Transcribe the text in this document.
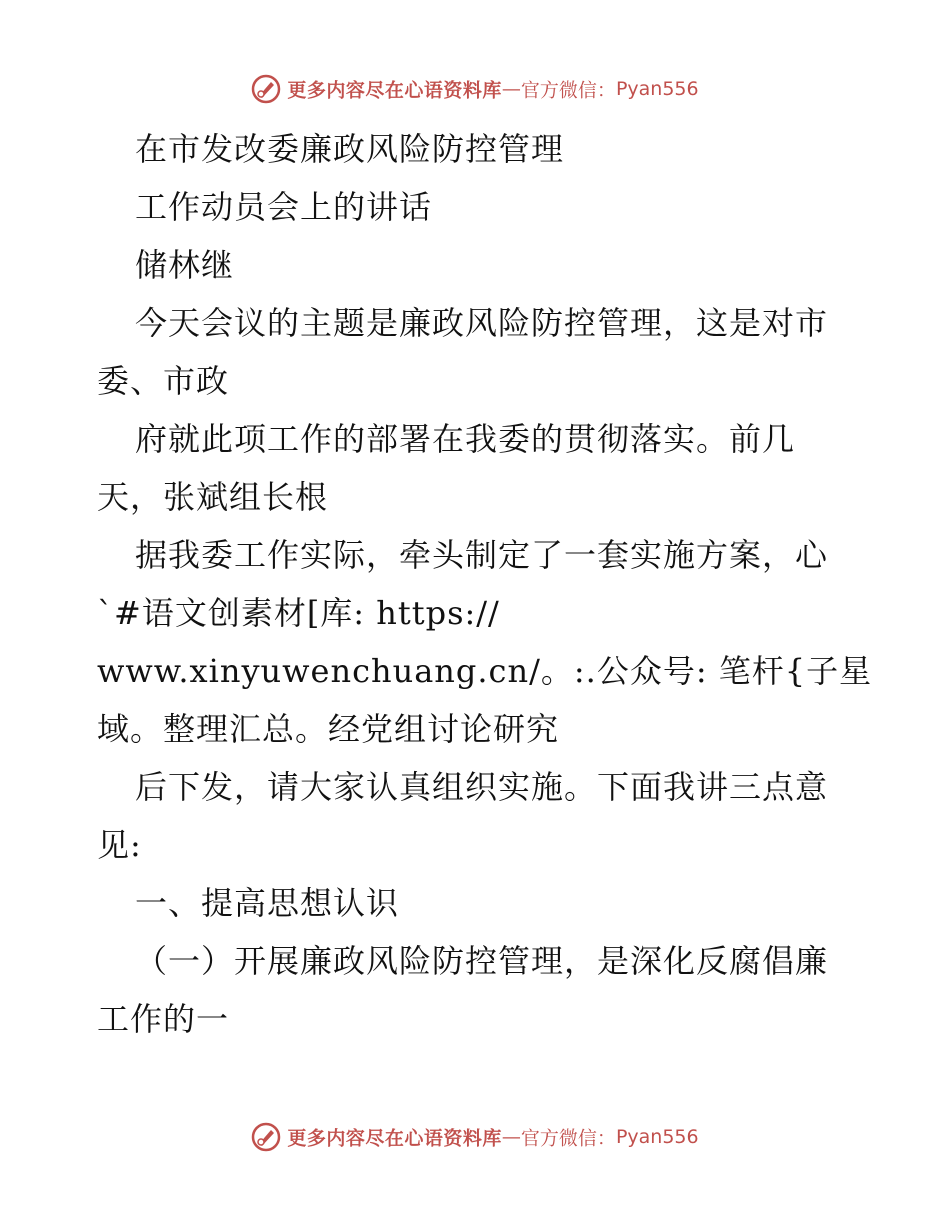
更多内容尽在心语资料库—官方微信：Pyan556
在市发改委廉政风险防控管理
工作动员会上的讲话
储林继
今天会议的主题是廉政风险防控管理，这是对市
委、市政
府就此项工作的部署在我委的贯彻落实。前几
天，张斌组长根
据我委工作实际，牵头制定了一套实施方案，心
`#语文创素材[库: https://
www.xinyuwenchuang.cn/。:.公众号: 笔杆{子星
域。整理汇总。经党组讨论研究
后下发，请大家认真组织实施。下面我讲三点意
见:
一、提高思想认识
（一）开展廉政风险防控管理，是深化反腐倡廉
工作的一
更多内容尽在心语资料库—官方微信：Pyan556
